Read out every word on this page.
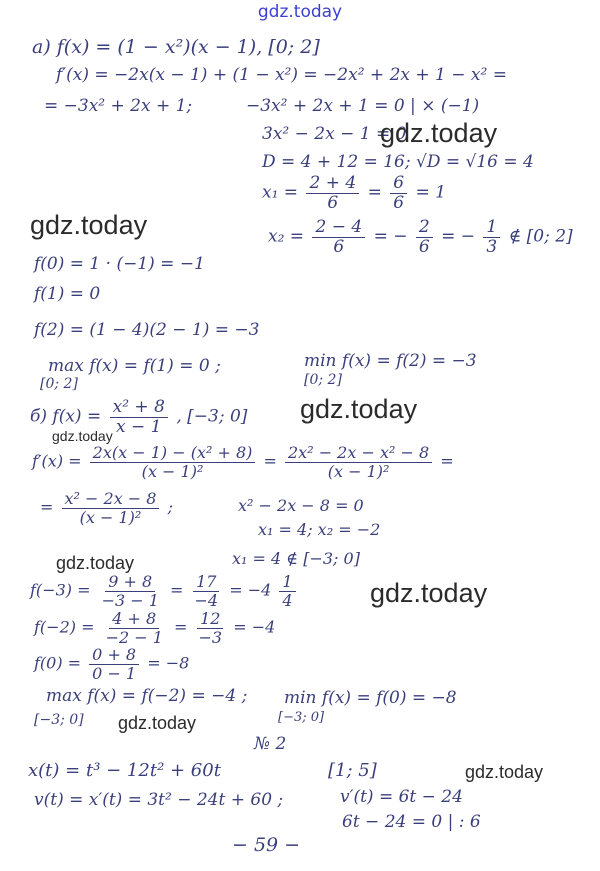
gdz.today
а) f(x) = (1 − x²)(x − 1), [0; 2]
f′(x) = −2x(x − 1) + (1 − x²) = −2x² + 2x + 1 − x² =
= −3x² + 2x + 1;	−3x² + 2x + 1 = 0 | × (−1)
3x² − 2x − 1 = 0
D = 4 + 12 = 16; √D = √16 = 4
$x_1 = \frac{2 + 4}{6} = \frac{6}{6} = 1$
$x_2 = \frac{2 - 4}{6}$ = − $\frac{2}{6}$ = − $\frac{1}{3}$ ∉ [0; 2]
f(0) = 1 · (−1) = −1
f(1) = 0
f(2) = (1 − 4)(2 − 1) = −3
max f(x) = f(1) = 0 ;
[0; 2]
min f(x) = f(2) = −3
[0; 2]
б) $f(x) = \frac{\text{x² + 8}}{x - 1}$ , [−3; 0]
$f'(x) = \frac{\text{2x(x − 1) − (x² + 8)}}{\text{(x − 1)²}} = \frac{\text{2x² − 2x − x² − 8}}{\text{(x − 1)²}}$ =
= $\frac{\text{x² − 2x − 8}}{\text{(x − 1)²}}$ ;	x² − 2x − 8 = 0
x₁ = 4; x₂ = −2
x₁ = 4 ∉ [−3; 0]
$f(-3) = \frac{9 + 8}{-3 - 1} = \frac{17}{-4} = -4 \frac{1}{4}$
$f(-2) = \frac{4 + 8}{-2 - 1} = \frac{12}{-3} = -4$
$f(0) = \frac{0 + 8}{0 - 1} = -8$
max f(x) = f(−2) = −4 ;
[−3; 0]
min f(x) = f(0) = −8
[−3; 0]
№ 2
x(t) = t³ − 12t² + 60t	[1; 5]
v(t) = x′(t) = 3t² − 24t + 60 ;	v′(t) = 6t − 24
6t − 24 = 0 | : 6
− 59 −
gdz.today
gdz.today
gdz.today
gdz.today
gdz.today
gdz.today
gdz.today
gdz.today
